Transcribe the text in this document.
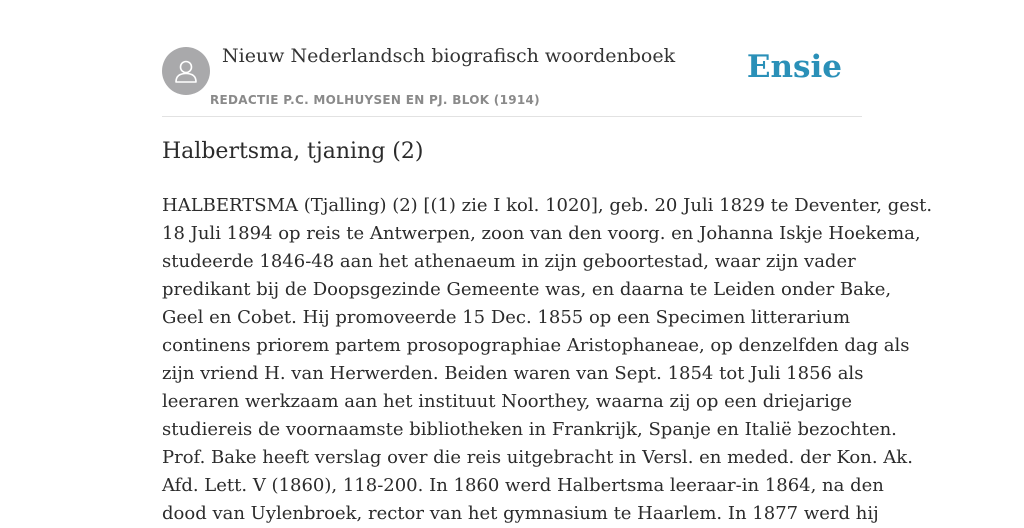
Nieuw Nederlandsch biografisch woordenboek
REDACTIE P.C. MOLHUYSEN EN PJ. BLOK (1914)
Ensie
Halbertsma, tjaning (2)
HALBERTSMA (Tjalling) (2) [(1) zie I kol. 1020], geb. 20 Juli 1829 te Deventer, gest.
18 Juli 1894 op reis te Antwerpen, zoon van den voorg. en Johanna Iskje Hoekema,
studeerde 1846-48 aan het athenaeum in zijn geboortestad, waar zijn vader
predikant bij de Doopsgezinde Gemeente was, en daarna te Leiden onder Bake,
Geel en Cobet. Hij promoveerde 15 Dec. 1855 op een Specimen litterarium
continens priorem partem prosopographiae Aristophaneae, op denzelfden dag als
zijn vriend H. van Herwerden. Beiden waren van Sept. 1854 tot Juli 1856 als
leeraren werkzaam aan het instituut Noorthey, waarna zij op een driejarige
studiereis de voornaamste bibliotheken in Frankrijk, Spanje en Italië bezochten.
Prof. Bake heeft verslag over die reis uitgebracht in Versl. en meded. der Kon. Ak.
Afd. Lett. V (1860), 118-200. In 1860 werd Halbertsma leeraar-in 1864, na den
dood van Uylenbroek, rector van het gymnasium te Haarlem. In 1877 werd hij
